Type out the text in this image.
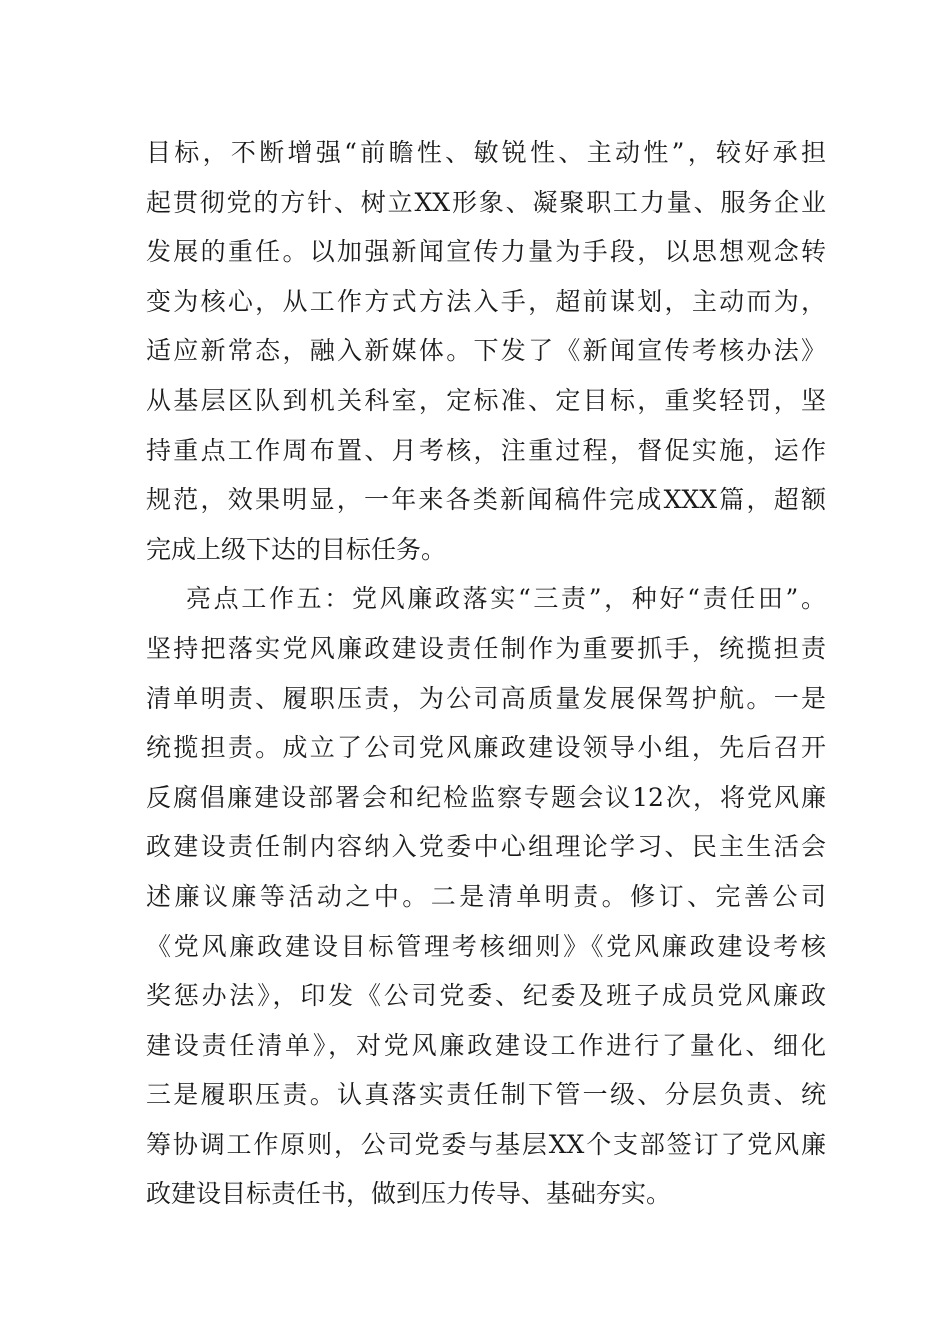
目标，不断增强“前瞻性、敏锐性、主动性”，较好承担
起贯彻党的方针、树立XX形象、凝聚职工力量、服务企业
发展的重任。以加强新闻宣传力量为手段，以思想观念转
变为核心，从工作方式方法入手，超前谋划，主动而为，
适应新常态，融入新媒体。下发了《新闻宣传考核办法》
从基层区队到机关科室，定标准、定目标，重奖轻罚，坚
持重点工作周布置、月考核，注重过程，督促实施，运作
规范，效果明显，一年来各类新闻稿件完成XXX篇，超额
完成上级下达的目标任务。
亮点工作五：党风廉政落实“三责”，种好“责任田”。
坚持把落实党风廉政建设责任制作为重要抓手，统揽担责
清单明责、履职压责，为公司高质量发展保驾护航。一是
统揽担责。成立了公司党风廉政建设领导小组，先后召开
反腐倡廉建设部署会和纪检监察专题会议12次，将党风廉
政建设责任制内容纳入党委中心组理论学习、民主生活会
述廉议廉等活动之中。二是清单明责。修订、完善公司
《党风廉政建设目标管理考核细则》《党风廉政建设考核
奖惩办法》，印发《公司党委、纪委及班子成员党风廉政
建设责任清单》，对党风廉政建设工作进行了量化、细化
三是履职压责。认真落实责任制下管一级、分层负责、统
筹协调工作原则，公司党委与基层XX个支部签订了党风廉
政建设目标责任书，做到压力传导、基础夯实。
